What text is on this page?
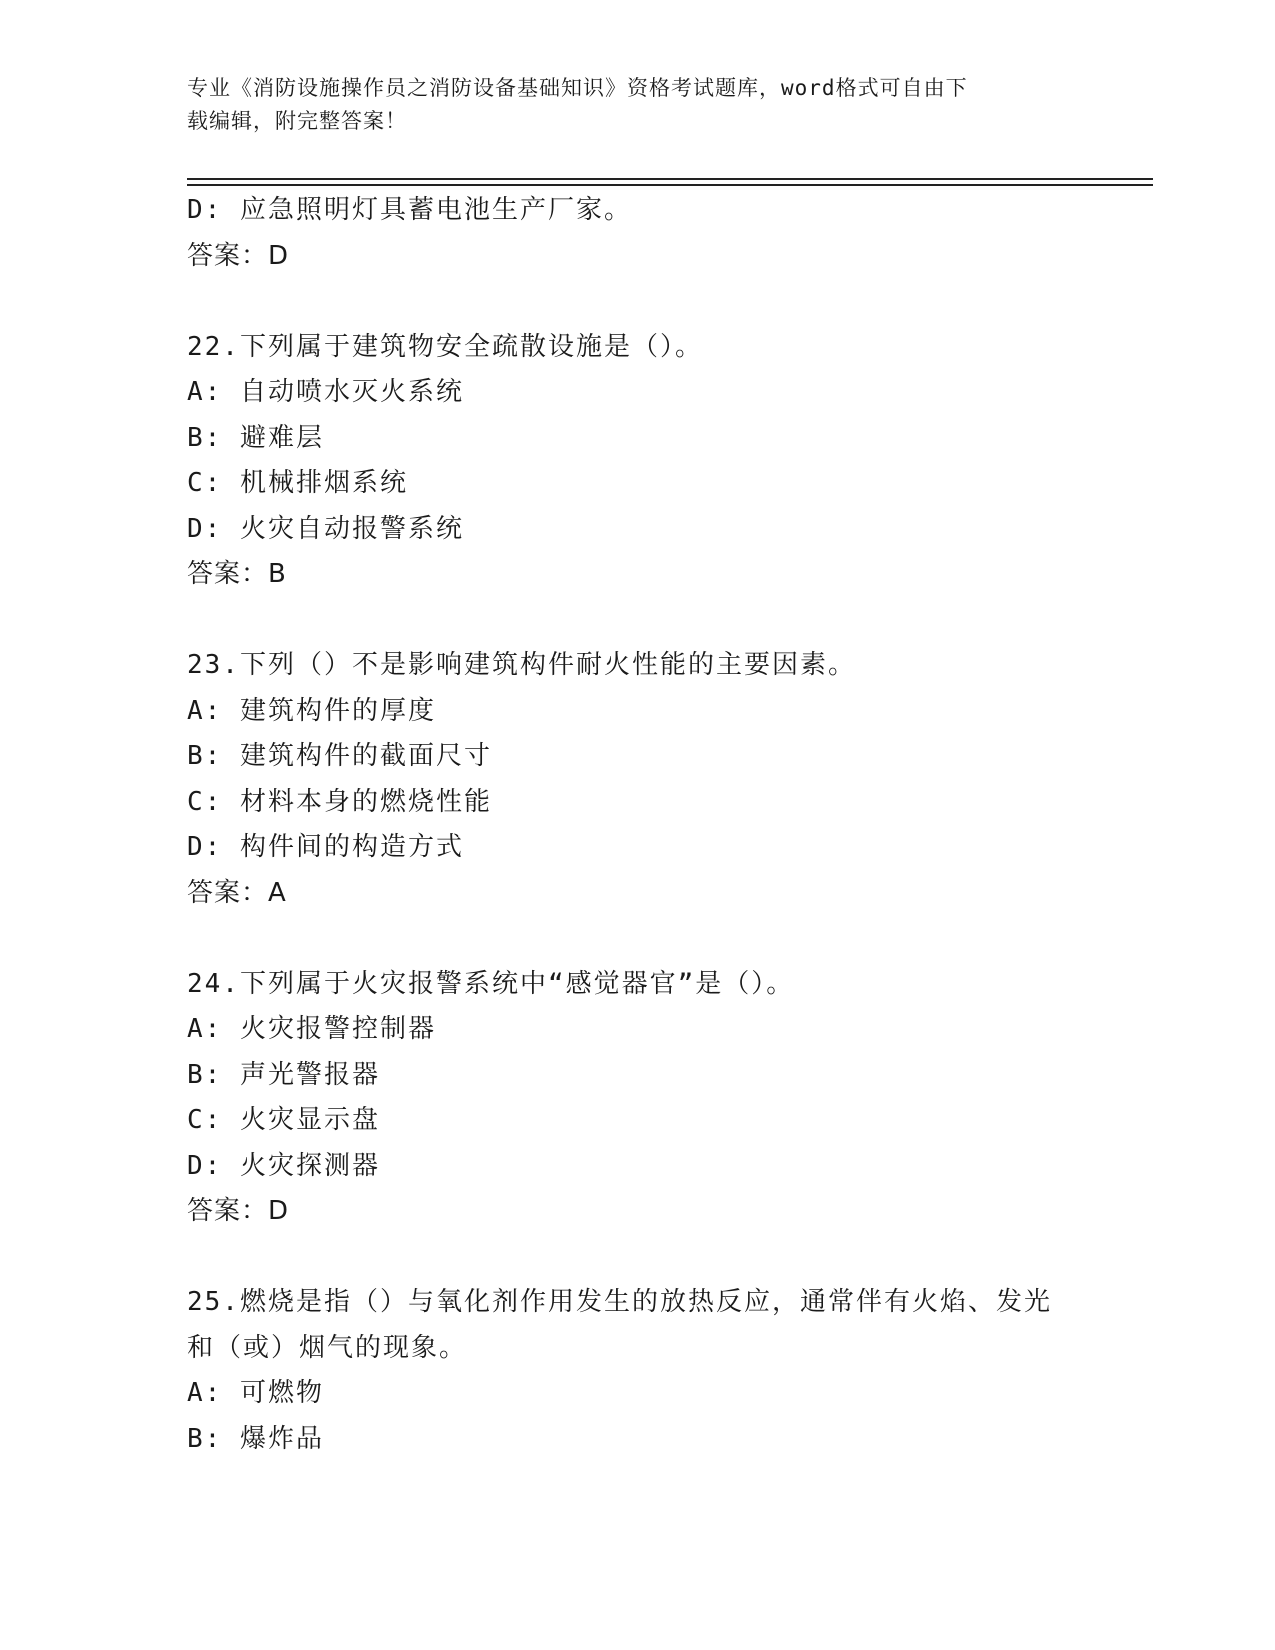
专业《消防设施操作员之消防设备基础知识》资格考试题库，word格式可自由下
载编辑，附完整答案！
D: 应急照明灯具蓄电池生产厂家。
答案：D
22.下列属于建筑物安全疏散设施是（）。
A: 自动喷水灭火系统
B: 避难层
C: 机械排烟系统
D: 火灾自动报警系统
答案：B
23.下列（）不是影响建筑构件耐火性能的主要因素。
A: 建筑构件的厚度
B: 建筑构件的截面尺寸
C: 材料本身的燃烧性能
D: 构件间的构造方式
答案：A
24.下列属于火灾报警系统中“感觉器官”是（）。
A: 火灾报警控制器
B: 声光警报器
C: 火灾显示盘
D: 火灾探测器
答案：D
25.燃烧是指（）与氧化剂作用发生的放热反应，通常伴有火焰、发光
和（或）烟气的现象。
A: 可燃物
B: 爆炸品
